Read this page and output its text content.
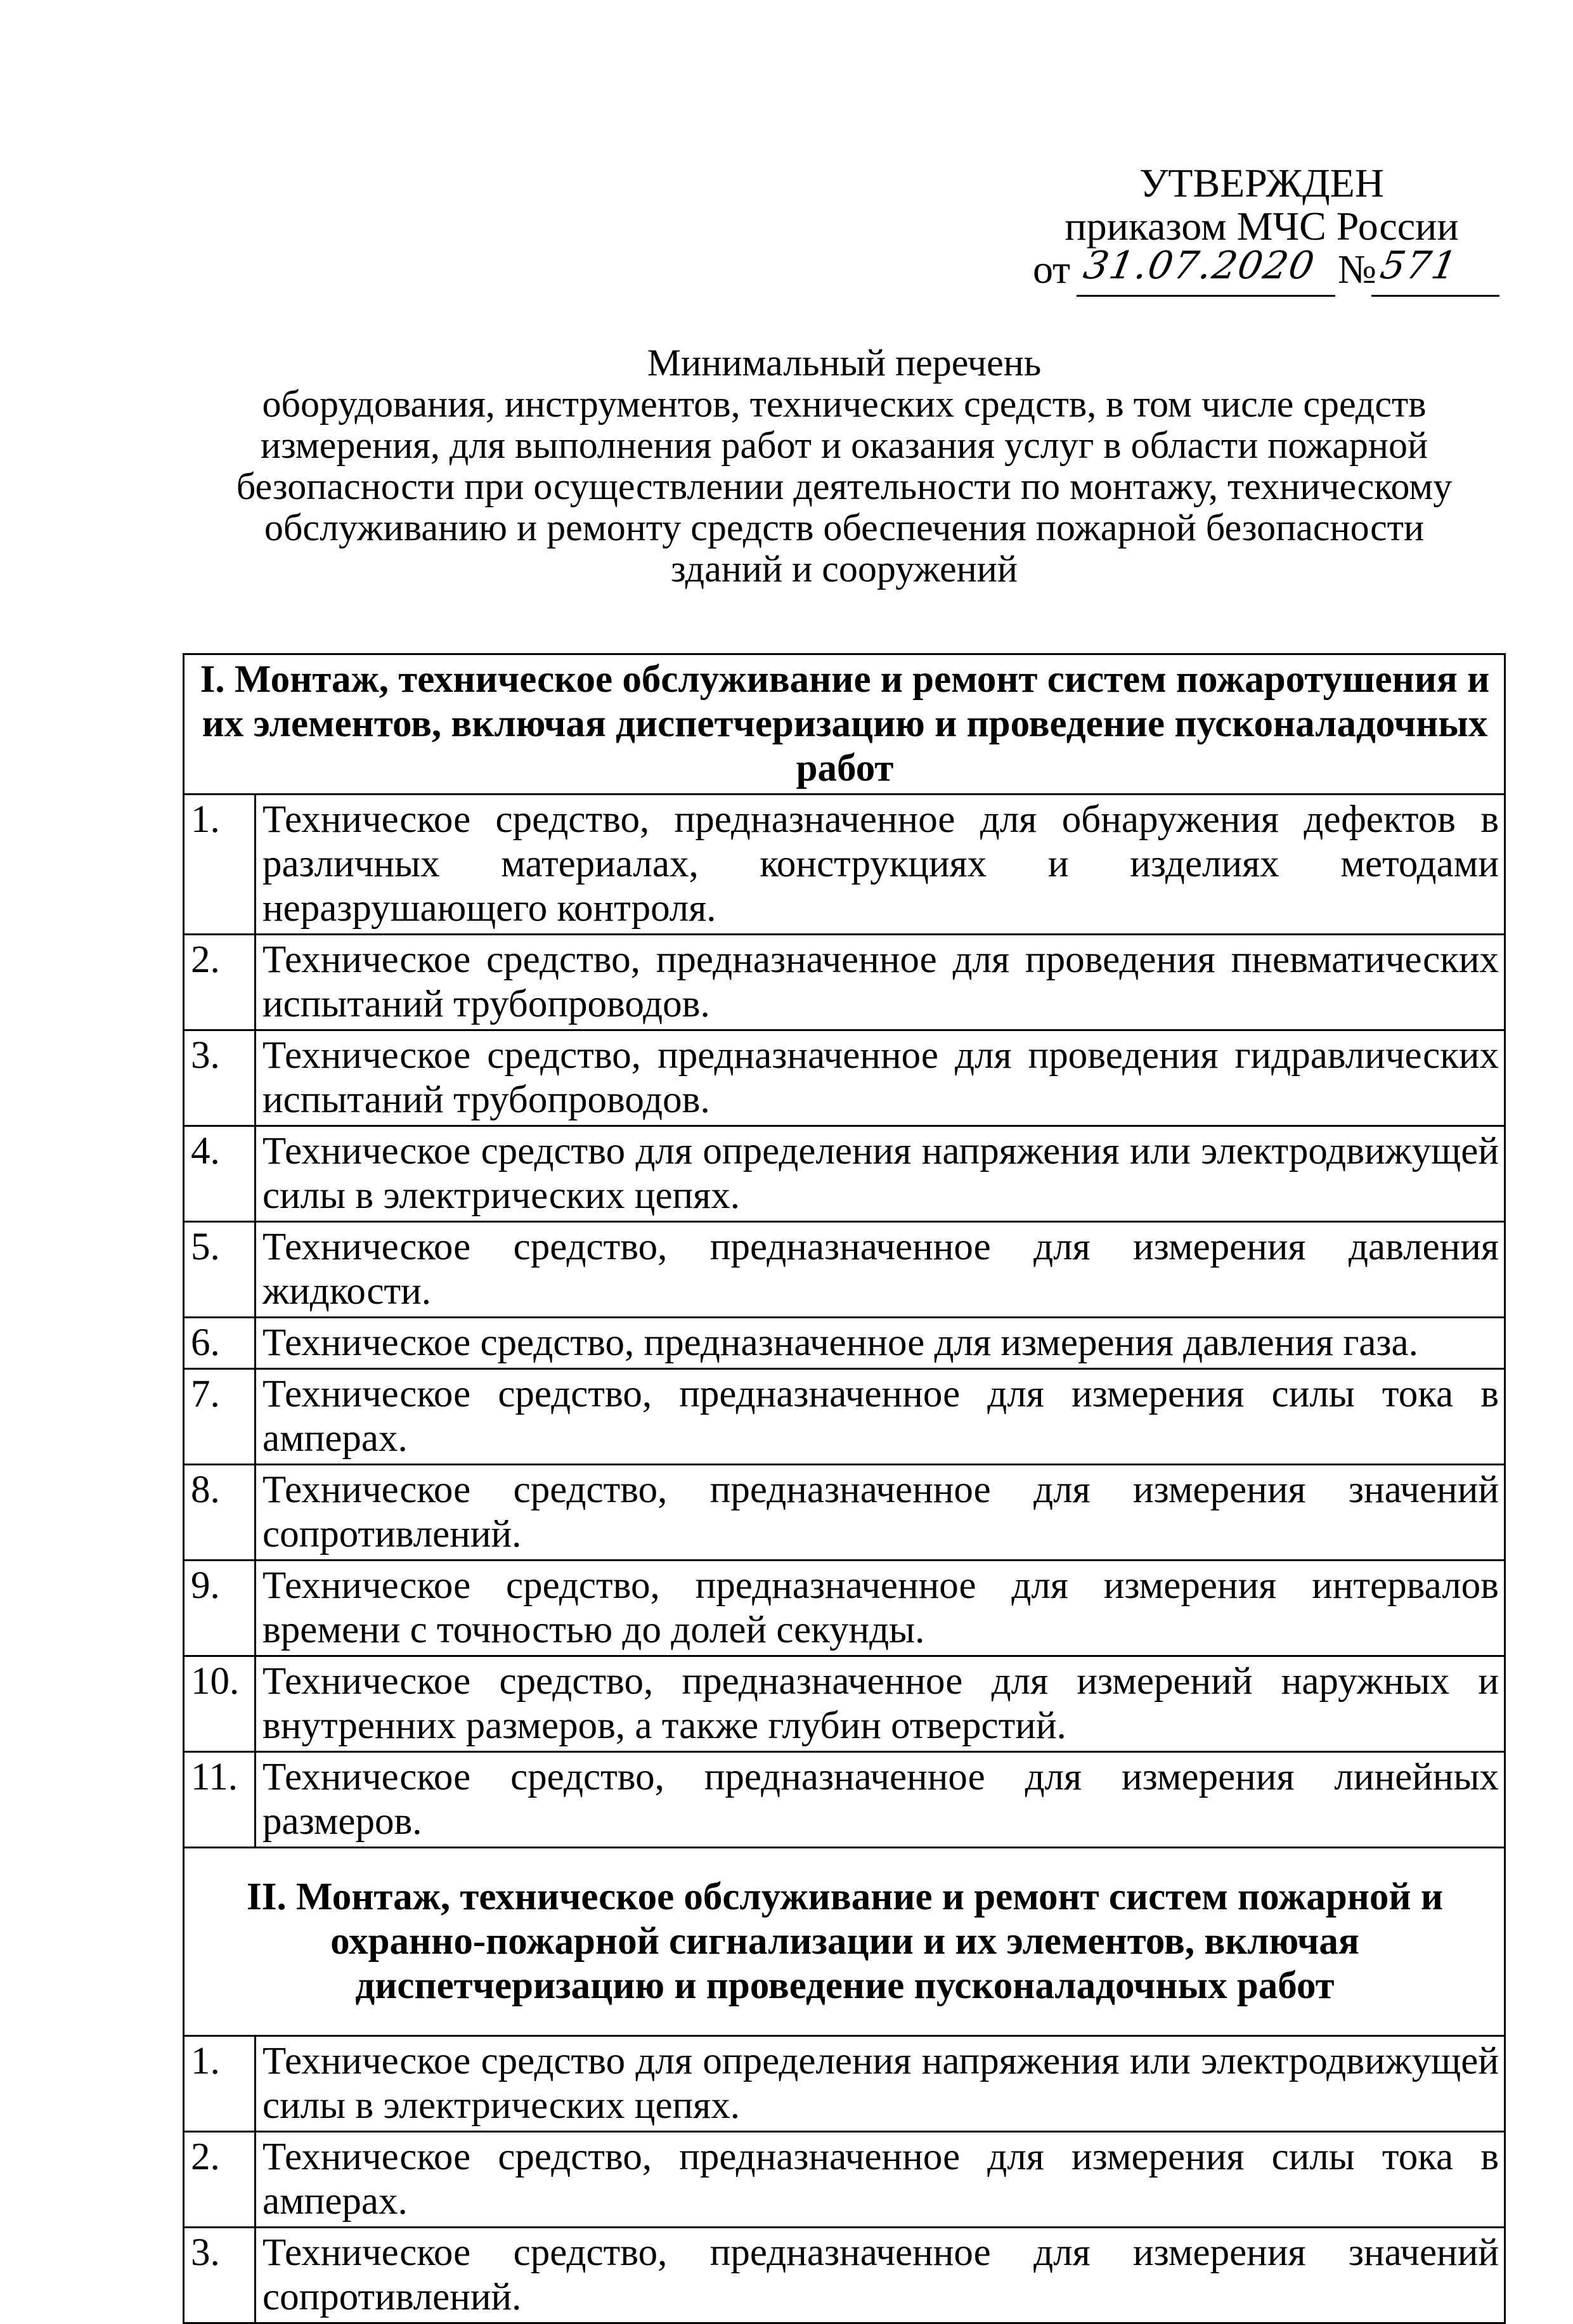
УТВЕРЖДЕН
приказом МЧС России
от 31.07.2020 № 571
Минимальный перечень
оборудования, инструментов, технических средств, в том числе средств
измерения, для выполнения работ и оказания услуг в области пожарной
безопасности при осуществлении деятельности по монтажу, техническому
обслуживанию и ремонту средств обеспечения пожарной безопасности
зданий и сооружений
I. Монтаж, техническое обслуживание и ремонт систем пожаротушения и их элементов, включая диспетчеризацию и проведение пусконаладочных работ	
1.	Техническое средство, предназначенное для обнаружения дефектов в различных материалах, конструкциях и изделиях методами неразрушающего контроля.
2.	Техническое средство, предназначенное для проведения пневматических испытаний трубопроводов.
3.	Техническое средство, предназначенное для проведения гидравлических испытаний трубопроводов.
4.	Техническое средство для определения напряжения или электродвижущей силы в электрических цепях.
5.	Техническое средство, предназначенное для измерения давления жидкости.
6.	Техническое средство, предназначенное для измерения давления газа.
7.	Техническое средство, предназначенное для измерения силы тока в амперах.
8.	Техническое средство, предназначенное для измерения значений сопротивлений.
9.	Техническое средство, предназначенное для измерения интервалов времени с точностью до долей секунды.
10.	Техническое средство, предназначенное для измерений наружных и внутренних размеров, а также глубин отверстий.
11.	Техническое средство, предназначенное для измерения линейных размеров.
II. Монтаж, техническое обслуживание и ремонт систем пожарной и охранно-пожарной сигнализации и их элементов, включая диспетчеризацию и проведение пусконаладочных работ	
1.	Техническое средство для определения напряжения или электродвижущей силы в электрических цепях.
2.	Техническое средство, предназначенное для измерения силы тока в амперах.
3.	Техническое средство, предназначенное для измерения значений сопротивлений.
